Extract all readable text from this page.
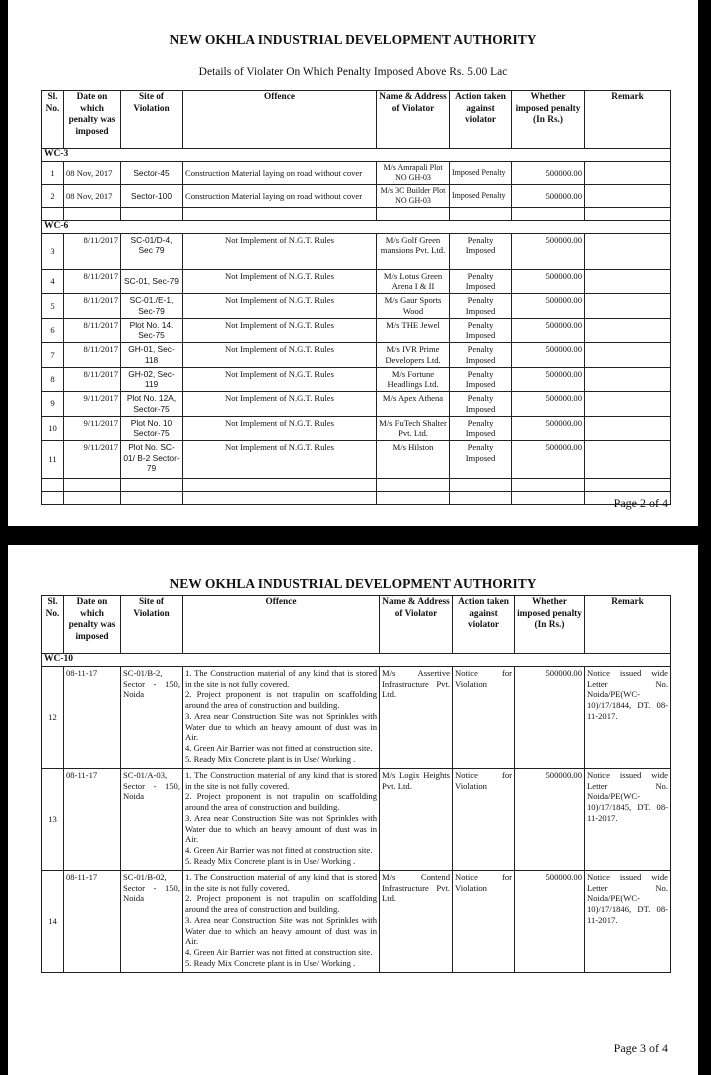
NEW OKHLA INDUSTRIAL DEVELOPMENT AUTHORITY
Details of Violater On Which Penalty Imposed Above Rs. 5.00 Lac
Sl. No.	Date on which penalty was imposed	Site of Violation	Offence	Name & Address of Violator	Action taken against violator	Whether imposed penalty (In Rs.)	Remark
WC-3							
1	08 Nov, 2017	Sector-45	Construction Material laying on road without cover	M/s Amrapali Plot NO GH-03	Imposed Penalty	500000.00	
2	08 Nov, 2017	Sector-100	Construction Material laying on road without cover	M/s 3C Builder Plot NO GH-03	Imposed Penalty	500000.00	

WC-6							
3	8/11/2017	SC-01/D-4, Sec 79	Not Implement of N.G.T. Rules	M/s Golf Green mansions Pvt. Ltd.	Penalty Imposed	500000.00	
4	8/11/2017	SC-01, Sec-79	Not Implement of N.G.T. Rules	M/s Lotus Green Arena I & II	Penalty Imposed	500000.00	
5	8/11/2017	SC-01./E-1, Sec-79	Not Implement of N.G.T. Rules	M/s Gaur Sports Wood	Penalty Imposed	500000.00	
6	8/11/2017	Plot No. 14. Sec-75	Not Implement of N.G.T. Rules	M/s THE Jewel	Penalty Imposed	500000.00	
7	8/11/2017	GH-01, Sec-118	Not Implement of N.G.T. Rules	M/s IVR Prime Developers Ltd.	Penalty Imposed	500000.00	
8	8/11/2017	GH-02, Sec-119	Not Implement of N.G.T. Rules	M/s Fortune Headlings Ltd.	Penalty Imposed	500000.00	
9	9/11/2017	Plot No. 12A, Sector-75	Not Implement of N.G.T. Rules	M/s Apex Athena	Penalty Imposed	500000.00	
10	9/11/2017	Plot No. 10 Sector-75	Not Implement of N.G.T. Rules	M/s FuTech Shalter Pvt. Ltd.	Penalty Imposed	500000.00	
11	9/11/2017	Plot No. SC-01/ B-2 Sector-79	Not Implement of N.G.T. Rules	M/s Hilston	Penalty Imposed	500000.00	

Page 2 of 4
NEW OKHLA INDUSTRIAL DEVELOPMENT AUTHORITY
Sl. No.	Date on which penalty was imposed	Site of Violation	Offence	Name & Address of Violator	Action taken against violator	Whether imposed penalty (In Rs.)	Remark
WC-10							
12	08-11-17	SC-01/B-2, Sector - 150, Noida	1. The Construction material of any kind that is stored in the site is not fully covered.
2. Project proponent is not trapulin on scaffolding around the area of construction and building.
3. Area near Construction Site was not Sprinkles with Water due to which an heavy amount of dust was in Air.
4. Green Air Barrier was not fitted at construction site.
5. Ready Mix Concrete plant is in Use/ Working .	M/s Assertive Infrastructure Pvt. Ltd.	Notice for Violation	500000.00	Notice issued wide Letter No. Noida/PE(WC-10)/17/1844, DT. 08-11-2017.
13	08-11-17	SC-01/A-03, Sector - 150, Noida	1. The Construction material of any kind that is stored in the site is not fully covered.
2. Project proponent is not trapulin on scaffolding around the area of construction and building.
3. Area near Construction Site was not Sprinkles with Water due to which an heavy amount of dust was in Air.
4. Green Air Barrier was not fitted at construction site.
5. Ready Mix Concrete plant is in Use/ Working .	M/s Logix Heights Pvt. Ltd.	Notice for Violation	500000.00	Notice issued wide Letter No. Noida/PE(WC-10)/17/1845, DT. 08-11-2017.
14	08-11-17	SC-01/B-02, Sector - 150, Noida	1. The Construction material of any kind that is stored in the site is not fully covered.
2. Project proponent is not trapulin on scaffolding around the area of construction and building.
3. Area near Construction Site was not Sprinkles with Water due to which an heavy amount of dust was in Air.
4. Green Air Barrier was not fitted at construction site.
5. Ready Mix Concrete plant is in Use/ Working .	M/s Contend Infrastructure Pvt. Ltd.	Notice for Violation	500000.00	Notice issued wide Letter No. Noida/PE(WC-10)/17/1846, DT. 08-11-2017.
Page 3 of 4
